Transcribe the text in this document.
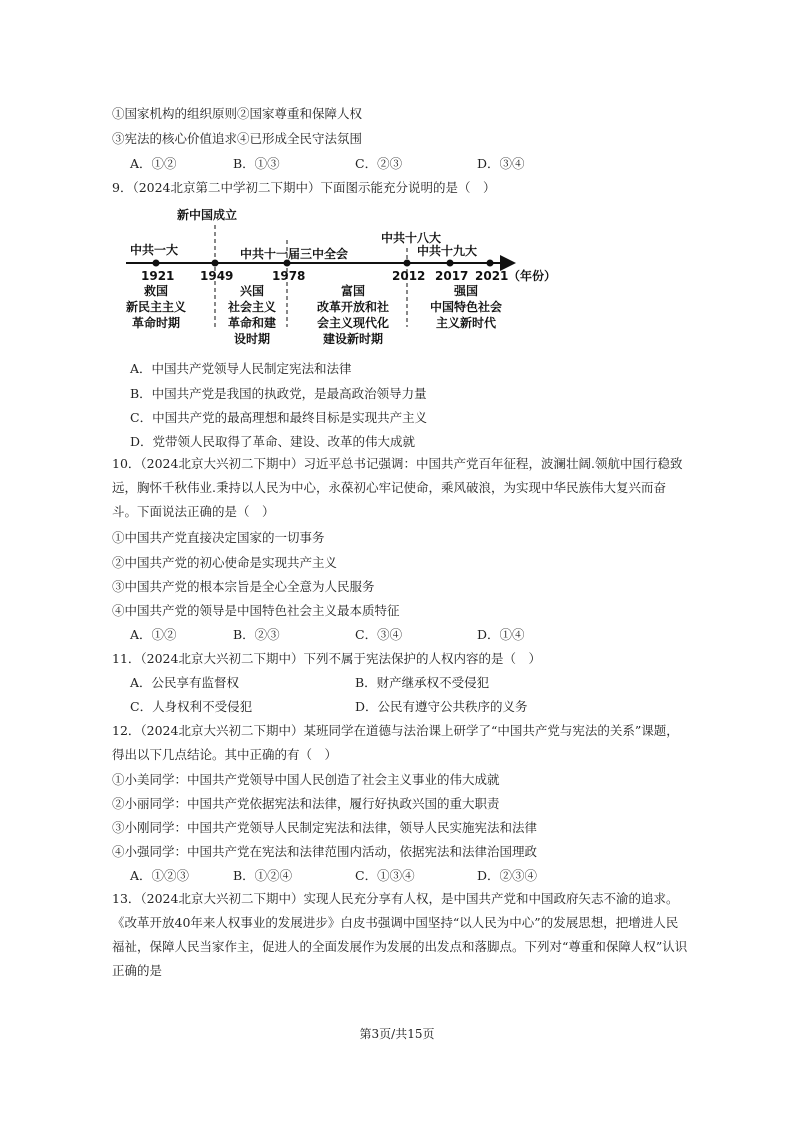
①国家机构的组织原则②国家尊重和保障人权
③宪法的核心价值追求④已形成全民守法氛围
A．①②	B．①③	C．②③	D．③④
9．（2024北京第二中学初二下期中）下面图示能充分说明的是（　）
新中国成立
中共一大	中共十一届三中全会
中共十八大
中共十九大
1921 1949	1978	2012 2017 2021 （年份）
救国
新民主主义
革命时期
兴国
社会主义
革命和建
设时期
富国
改革开放和社
会主义现代化
建设新时期
强国
中国特色社会
主义新时代
A．中国共产党领导人民制定宪法和法律
B．中国共产党是我国的执政党，是最高政治领导力量
C．中国共产党的最高理想和最终目标是实现共产主义
D．党带领人民取得了革命、建设、改革的伟大成就
10．（2024北京大兴初二下期中）习近平总书记强调：中国共产党百年征程，波澜壮阔.领航中国行稳致远，胸怀千秋伟业.秉持以人民为中心，永葆初心牢记使命，乘风破浪，为实现中华民族伟大复兴而奋斗。下面说法正确的是（　）
①中国共产党直接决定国家的一切事务
②中国共产党的初心使命是实现共产主义
③中国共产党的根本宗旨是全心全意为人民服务
④中国共产党的领导是中国特色社会主义最本质特征
A．①②	B．②③	C．③④	D．①④
11．（2024北京大兴初二下期中）下列不属于宪法保护的人权内容的是（　）
A．公民享有监督权	B．财产继承权不受侵犯
C．人身权利不受侵犯	D．公民有遵守公共秩序的义务
12．（2024北京大兴初二下期中）某班同学在道德与法治课上研学了“中国共产党与宪法的关系”课题，得出以下几点结论。其中正确的有（　）
①小美同学：中国共产党领导中国人民创造了社会主义事业的伟大成就
②小丽同学：中国共产党依据宪法和法律，履行好执政兴国的重大职责
③小刚同学：中国共产党领导人民制定宪法和法律，领导人民实施宪法和法律
④小强同学：中国共产党在宪法和法律范围内活动，依据宪法和法律治国理政
A．①②③	B．①②④	C．①③④	D．②③④
13．（2024北京大兴初二下期中）实现人民充分享有人权，是中国共产党和中国政府矢志不渝的追求。《改革开放40年来人权事业的发展进步》白皮书强调中国坚持“以人民为中心”的发展思想，把增进人民福祉，保障人民当家作主，促进人的全面发展作为发展的出发点和落脚点。下列对“尊重和保障人权”认识正确的是
第3页/共15页
